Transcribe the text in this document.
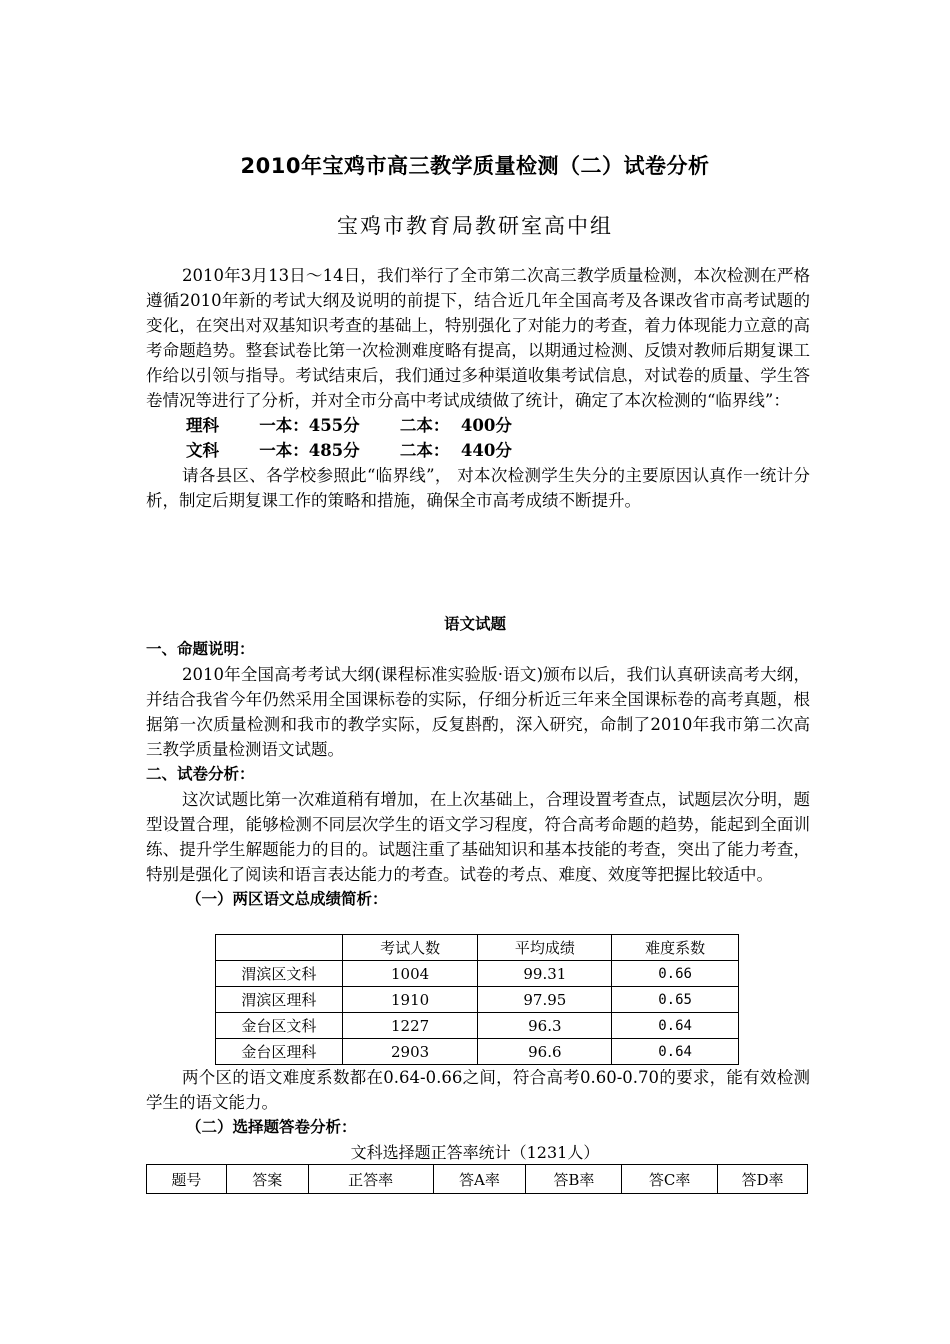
2010年宝鸡市高三教学质量检测（二）试卷分析
宝鸡市教育局教研室高中组

2010年3月13日～14日，我们举行了全市第二次高三教学质量检测，本次检测在严格遵循2010年新的考试大纲及说明的前提下，结合近几年全国高考及各课改省市高考试题的变化，在突出对双基知识考查的基础上，特别强化了对能力的考查，着力体现能力立意的高考命题趋势。整套试卷比第一次检测难度略有提高，以期通过检测、反馈对教师后期复课工作给以引领与指导。考试结束后，我们通过多种渠道收集考试信息，对试卷的质量、学生答卷情况等进行了分析，并对全市分高中考试成绩做了统计，确定了本次检测的“临界线”：

理科 一本：455分 二本： 400分
文科 一本：485分 二本： 440分

请各县区、各学校参照此“临界线”， 对本次检测学生失分的主要原因认真作一统计分析，制定后期复课工作的策略和措施，确保全市高考成绩不断提升。

语文试题
一、命题说明：

2010年全国高考考试大纲(课程标准实验版·语文)颁布以后，我们认真研读高考大纲，并结合我省今年仍然采用全国课标卷的实际，仔细分析近三年来全国课标卷的高考真题，根据第一次质量检测和我市的教学实际，反复斟酌，深入研究，命制了2010年我市第二次高三教学质量检测语文试题。

二、试卷分析：

这次试题比第一次难道稍有增加，在上次基础上，合理设置考查点，试题层次分明，题型设置合理，能够检测不同层次学生的语文学习程度，符合高考命题的趋势，能起到全面训练、提升学生解题能力的目的。试题注重了基础知识和基本技能的考查，突出了能力考查，特别是强化了阅读和语言表达能力的考查。试卷的考点、难度、效度等把握比较适中。

（一）两区语文总成绩简析：
	考试人数	平均成绩	难度系数
渭滨区文科	1004	99.31	0.66
渭滨区理科	1910	97.95	0.65
金台区文科	1227	96.3	0.64
金台区理科	2903	96.6	0.64

两个区的语文难度系数都在0.64-0.66之间，符合高考0.60-0.70的要求，能有效检测学生的语文能力。

（二）选择题答卷分析：
文科选择题正答率统计（1231人）
题号	答案	正答率	答A率	答B率	答C率	答D率
